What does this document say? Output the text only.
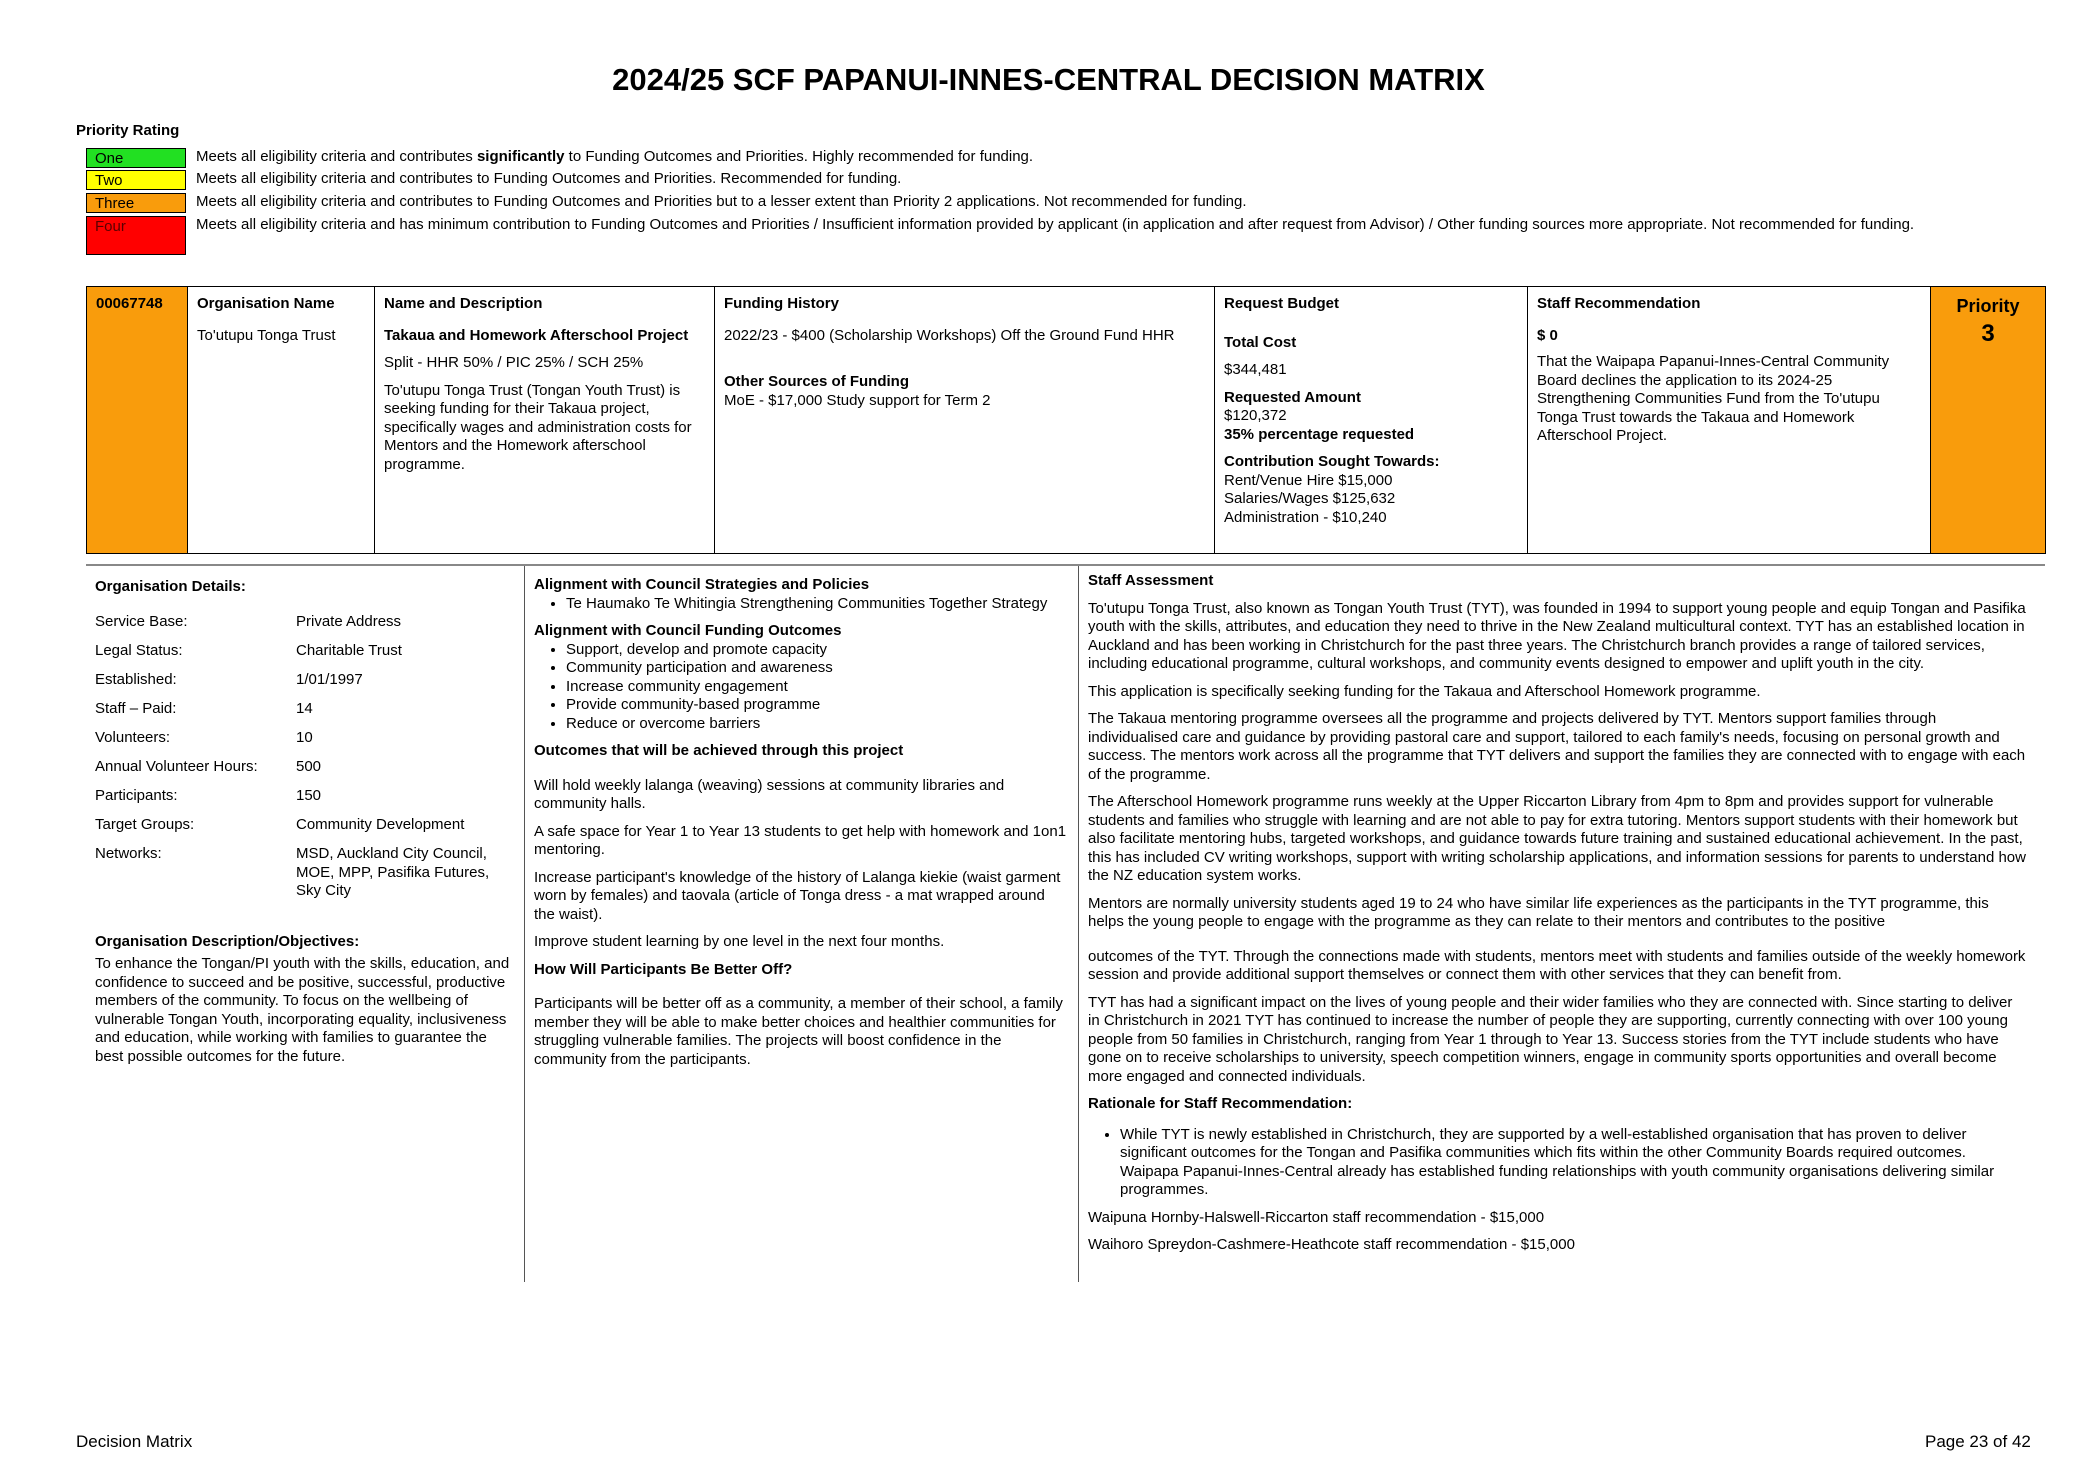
2024/25 SCF PAPANUI-INNES-CENTRAL DECISION MATRIX
Priority Rating
One	Meets all eligibility criteria and contributes significantly to Funding Outcomes and Priorities. Highly recommended for funding.
Two	Meets all eligibility criteria and contributes to Funding Outcomes and Priorities. Recommended for funding.
Three	Meets all eligibility criteria and contributes to Funding Outcomes and Priorities but to a lesser extent than Priority 2 applications. Not recommended for funding.
Four	Meets all eligibility criteria and has minimum contribution to Funding Outcomes and Priorities / Insufficient information provided by applicant (in application and after request from Advisor) / Other funding sources more appropriate. Not recommended for funding.
00067748	Organisation Name
To'utupu Tonga Trust	
Name and Description
Takaua and Homework Afterschool Project
Split - HHR 50% / PIC 25% / SCH 25%
To'utupu Tonga Trust (Tongan Youth Trust) is seeking funding for their Takaua project, specifically wages and administration costs for Mentors and the Homework afterschool programme.

Funding History
2022/23 - $400 (Scholarship Workshops) Off the Ground Fund HHR
Other Sources of Funding
MoE - $17,000 Study support for Term 2

Request Budget
Total Cost
$344,481
Requested Amount
$120,372
35% percentage requested
Contribution Sought Towards:
Rent/Venue Hire $15,000
Salaries/Wages $125,632
Administration - $10,240

Staff Recommendation
$ 0
That the Waipapa Papanui-Innes-Central Community Board declines the application to its 2024-25 Strengthening Communities Fund from the To'utupu Tonga Trust towards the Takaua and Homework Afterschool Project.

Priority
3
Organisation Details:
Service Base:	Private Address
Legal Status:	Charitable Trust
Established:	1/01/1997
Staff – Paid:	14
Volunteers:	10
Annual Volunteer Hours:	500
Participants:	150
Target Groups:	Community Development
Networks:	MSD, Auckland City Council, MOE, MPP, Pasifika Futures, Sky City
Organisation Description/Objectives:
To enhance the Tongan/PI youth with the skills, education, and confidence to succeed and be positive, successful, productive members of the community. To focus on the wellbeing of vulnerable Tongan Youth, incorporating equality, inclusiveness and education, while working with families to guarantee the best possible outcomes for the future.
Alignment with Council Strategies and Policies
• Te Haumako Te Whitingia Strengthening Communities Together Strategy
Alignment with Council Funding Outcomes
• Support, develop and promote capacity
• Community participation and awareness
• Increase community engagement
• Provide community-based programme
• Reduce or overcome barriers
Outcomes that will be achieved through this project

Will hold weekly lalanga (weaving) sessions at community libraries and community halls.

A safe space for Year 1 to Year 13 students to get help with homework and 1on1 mentoring.

Increase participant's knowledge of the history of Lalanga kiekie (waist garment worn by females) and taovala (article of Tonga dress - a mat wrapped around the waist).

Improve student learning by one level in the next four months.

How Will Participants Be Better Off?

Participants will be better off as a community, a member of their school, a family member they will be able to make better choices and healthier communities for struggling vulnerable families. The projects will boost confidence in the community from the participants.

Staff Assessment

To'utupu Tonga Trust, also known as Tongan Youth Trust (TYT), was founded in 1994 to support young people and equip Tongan and Pasifika youth with the skills, attributes, and education they need to thrive in the New Zealand multicultural context. TYT has an established location in Auckland and has been working in Christchurch for the past three years. The Christchurch branch provides a range of tailored services, including educational programme, cultural workshops, and community events designed to empower and uplift youth in the city.

This application is specifically seeking funding for the Takaua and Afterschool Homework programme.

The Takaua mentoring programme oversees all the programme and projects delivered by TYT. Mentors support families through individualised care and guidance by providing pastoral care and support, tailored to each family's needs, focusing on personal growth and success. The mentors work across all the programme that TYT delivers and support the families they are connected with to engage with each of the programme.

The Afterschool Homework programme runs weekly at the Upper Riccarton Library from 4pm to 8pm and provides support for vulnerable students and families who struggle with learning and are not able to pay for extra tutoring. Mentors support students with their homework but also facilitate mentoring hubs, targeted workshops, and guidance towards future training and sustained educational achievement. In the past, this has included CV writing workshops, support with writing scholarship applications, and information sessions for parents to understand how the NZ education system works.

Mentors are normally university students aged 19 to 24 who have similar life experiences as the participants in the TYT programme, this helps the young people to engage with the programme as they can relate to their mentors and contributes to the positive

outcomes of the TYT. Through the connections made with students, mentors meet with students and families outside of the weekly homework session and provide additional support themselves or connect them with other services that they can benefit from.

TYT has had a significant impact on the lives of young people and their wider families who they are connected with. Since starting to deliver in Christchurch in 2021 TYT has continued to increase the number of people they are supporting, currently connecting with over 100 young people from 50 families in Christchurch, ranging from Year 1 through to Year 13. Success stories from the TYT include students who have gone on to receive scholarships to university, speech competition winners, engage in community sports opportunities and overall become more engaged and connected individuals.

Rationale for Staff Recommendation:
• While TYT is newly established in Christchurch, they are supported by a well-established organisation that has proven to deliver significant outcomes for the Tongan and Pasifika communities which fits within the other Community Boards required outcomes. Waipapa Papanui-Innes-Central already has established funding relationships with youth community organisations delivering similar programmes.

Waipuna Hornby-Halswell-Riccarton staff recommendation - $15,000

Waihoro Spreydon-Cashmere-Heathcote staff recommendation - $15,000

Decision Matrix	Page 23 of 42
